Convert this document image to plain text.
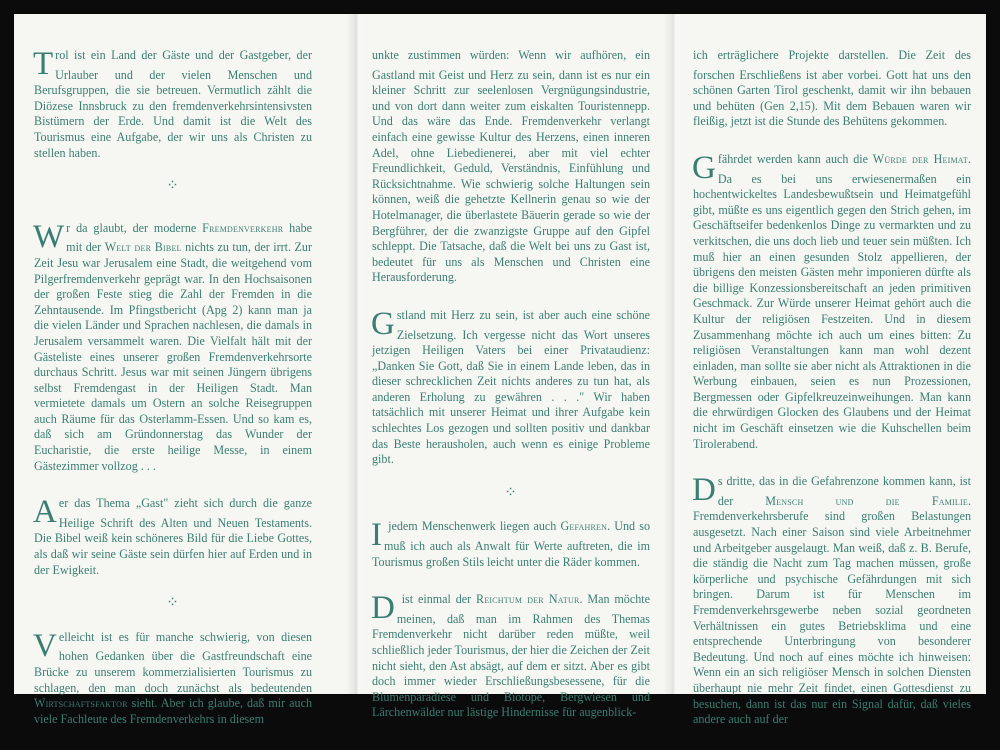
T
irol ist ein Land der Gäste und der Gastgeber, der Urlauber und der vielen Menschen und Berufsgruppen, die sie betreuen. Vermutlich zählt die Diözese Innsbruck zu den fremdenverkehrsintensivsten Bistümern der Erde. Und damit ist die Welt des Tourismus eine Aufgabe, der wir uns als Christen zu stellen haben.

⁘

W
er da glaubt, der moderne Fremdenverkehr habe mit der Welt der Bibel nichts zu tun, der irrt. Zur Zeit Jesu war Jerusalem eine Stadt, die weitgehend vom Pilgerfremdenverkehr geprägt war. In den Hochsaisonen der großen Feste stieg die Zahl der Fremden in die Zehntausende. Im Pfingstbericht (Apg 2) kann man ja die vielen Länder und Sprachen nachlesen, die damals in Jerusalem versammelt waren. Die Vielfalt hält mit der Gästeliste eines unserer großen Fremdenverkehrsorte durchaus Schritt. Jesus war mit seinen Jüngern übrigens selbst Fremdengast in der Heiligen Stadt. Man vermietete damals um Ostern an solche Reisegruppen auch Räume für das Osterlamm-Essen. Und so kam es, daß sich am Gründonnerstag das Wunder der Eucharistie, die erste heilige Messe, in einem Gästezimmer vollzog . . .

A
ber das Thema „Gast" zieht sich durch die ganze Heilige Schrift des Alten und Neuen Testaments. Die Bibel weiß kein schöneres Bild für die Liebe Gottes, als daß wir seine Gäste sein dürfen hier auf Erden und in der Ewigkeit.

⁘

V
ielleicht ist es für manche schwierig, von diesen hohen Gedanken über die Gastfreundschaft eine Brücke zu unserem kommerzialisierten Tourismus zu schlagen, den man doch zunächst als bedeutenden Wirtschaftsfaktor sieht. Aber ich glaube, daß mir auch viele Fachleute des Fremdenverkehrs in diesem

Punkte zustimmen würden: Wenn wir aufhören, ein Gastland mit Geist und Herz zu sein, dann ist es nur ein kleiner Schritt zur seelenlosen Vergnügungsindustrie, und von dort dann weiter zum eiskalten Touristennepp. Und das wäre das Ende. Fremdenverkehr verlangt einfach eine gewisse Kultur des Herzens, einen inneren Adel, ohne Liebedienerei, aber mit viel echter Freundlichkeit, Geduld, Verständnis, Einfühlung und Rücksichtnahme. Wie schwierig solche Haltungen sein können, weiß die gehetzte Kellnerin genau so wie der Hotelmanager, die überlastete Bäuerin gerade so wie der Bergführer, der die zwanzigste Gruppe auf den Gipfel schleppt. Die Tatsache, daß die Welt bei uns zu Gast ist, bedeutet für uns als Menschen und Christen eine Herausforderung.

G
astland mit Herz zu sein, ist aber auch eine schöne Zielsetzung. Ich vergesse nicht das Wort unseres jetzigen Heiligen Vaters bei einer Privataudienz: „Danken Sie Gott, daß Sie in einem Lande leben, das in dieser schrecklichen Zeit nichts anderes zu tun hat, als anderen Erholung zu gewähren . . ." Wir haben tatsächlich mit unserer Heimat und ihrer Aufgabe kein schlechtes Los gezogen und sollten positiv und dankbar das Beste herausholen, auch wenn es einige Probleme gibt.

⁘

I jedem Menschenwerk liegen auch Gefahren. Und so muß ich auch als Anwalt für Werte auftreten, die im Tourismus großen Stils leicht unter die Räder kommen.

D ist einmal der Reichtum der Natur. Man möchte meinen, daß man im Rahmen des Themas Fremdenverkehr nicht darüber reden müßte, weil schließlich jeder Tourismus, der hier die Zeichen der Zeit nicht sieht, den Ast absägt, auf dem er sitzt. Aber es gibt doch immer wieder Erschließungsbesessene, für die Blumenparadiese und Biotope, Bergwiesen und Lärchenwälder nur lästige Hindernisse für augenblick-

lich erträglichere Projekte darstellen. Die Zeit des forschen Erschließens ist aber vorbei. Gott hat uns den schönen Garten Tirol geschenkt, damit wir ihn bebauen und behüten (Gen 2,15). Mit dem Bebauen waren wir fleißig, jetzt ist die Stunde des Behütens gekommen.

G
efährdet werden kann auch die Würde der Heimat. Da es bei uns erwiesenermaßen ein hochentwickeltes Landesbewußtsein und Heimatgefühl gibt, müßte es uns eigentlich gegen den Strich gehen, im Geschäftseifer bedenkenlos Dinge zu vermarkten und zu verkitschen, die uns doch lieb und teuer sein müßten. Ich muß hier an einen gesunden Stolz appellieren, der übrigens den meisten Gästen mehr imponieren dürfte als die billige Konzessionsbereitschaft an jeden primitiven Geschmack. Zur Würde unserer Heimat gehört auch die Kultur der religiösen Festzeiten. Und in diesem Zusammenhang möchte ich auch um eines bitten: Zu religiösen Veranstaltungen kann man wohl dezent einladen, man sollte sie aber nicht als Attraktionen in die Werbung einbauen, seien es nun Prozessionen, Bergmessen oder Gipfelkreuzeinweihungen. Man kann die ehrwürdigen Glocken des Glaubens und der Heimat nicht im Geschäft einsetzen wie die Kuhschellen beim Tirolerabend.

D
as dritte, das in die Gefahrenzone kommen kann, ist der	Mensch und die Familie. Fremdenverkehrsberufe sind großen Belastungen ausgesetzt. Nach einer Saison sind viele Arbeitnehmer und Arbeitgeber ausgelaugt. Man weiß, daß z. B. Berufe, die ständig die Nacht zum Tag machen müssen, große körperliche und psychische Gefährdungen mit sich bringen. Darum ist für Menschen im Fremdenverkehrsgewerbe neben sozial geordneten Verhältnissen ein gutes Betriebsklima und eine entsprechende Unterbringung von besonderer Bedeutung. Und noch auf eines möchte ich hinweisen: Wenn ein an sich religiöser Mensch in solchen Diensten überhaupt nie mehr Zeit findet, einen Gottesdienst zu besuchen, dann ist das nur ein Signal dafür, daß vieles andere auch auf der
